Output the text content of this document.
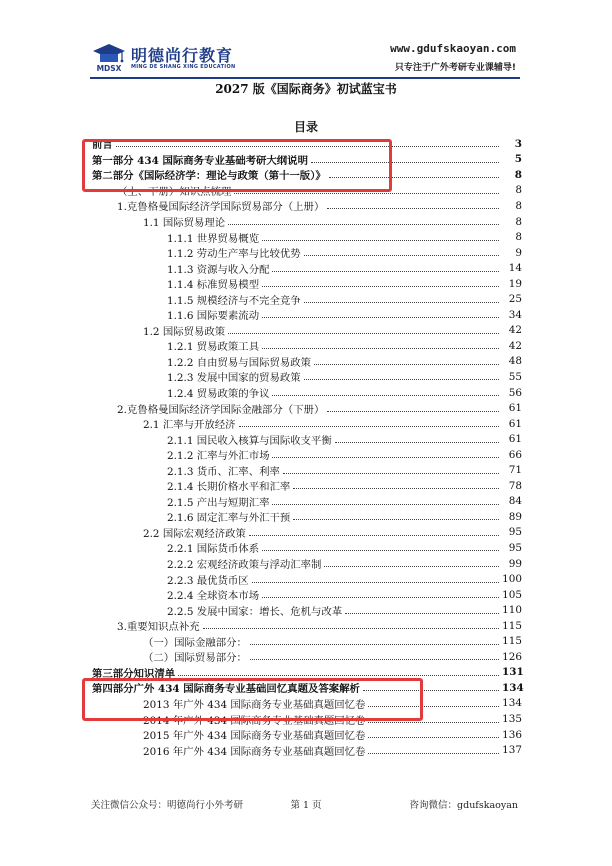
MDSX
明德尚行教育
MING DE SHANG XING EDUCATION
www.gdufskaoyan.com
只专注于广外考研专业课辅导!
2027 版《国际商务》初试蓝宝书
目录
前言	3
第一部分 434 国际商务专业基础考研大纲说明	5
第二部分《国际经济学：理论与政策（第十一版）》	8
（上、下册）知识点梳理	8
1.克鲁格曼国际经济学国际贸易部分（上册）	8
1.1 国际贸易理论	8
1.1.1 世界贸易概览	8
1.1.2 劳动生产率与比较优势	9
1.1.3 资源与收入分配	14
1.1.4 标准贸易模型	19
1.1.5 规模经济与不完全竞争	25
1.1.6 国际要素流动	34
1.2 国际贸易政策	42
1.2.1 贸易政策工具	42
1.2.2 自由贸易与国际贸易政策	48
1.2.3 发展中国家的贸易政策	55
1.2.4 贸易政策的争议	56
2.克鲁格曼国际经济学国际金融部分（下册）	61
2.1 汇率与开放经济	61
2.1.1 国民收入核算与国际收支平衡	61
2.1.2 汇率与外汇市场	66
2.1.3 货币、汇率、利率	71
2.1.4 长期价格水平和汇率	78
2.1.5 产出与短期汇率	84
2.1.6 固定汇率与外汇干预	89
2.2 国际宏观经济政策	95
2.2.1 国际货币体系	95
2.2.2 宏观经济政策与浮动汇率制	99
2.2.3 最优货币区	100
2.2.4 全球资本市场	105
2.2.5 发展中国家：增长、危机与改革	110
3.重要知识点补充	115
（一）国际金融部分：	115
（二）国际贸易部分：	126
第三部分知识清单	131
第四部分广外 434 国际商务专业基础回忆真题及答案解析	134
2013 年广外 434 国际商务专业基础真题回忆卷	134
2014 年广外 434 国际商务专业基础真题回忆卷	135
2015 年广外 434 国际商务专业基础真题回忆卷	136
2016 年广外 434 国际商务专业基础真题回忆卷	137
关注微信公众号：明德尚行小外考研	第 1 页	咨询微信：gdufskaoyan
